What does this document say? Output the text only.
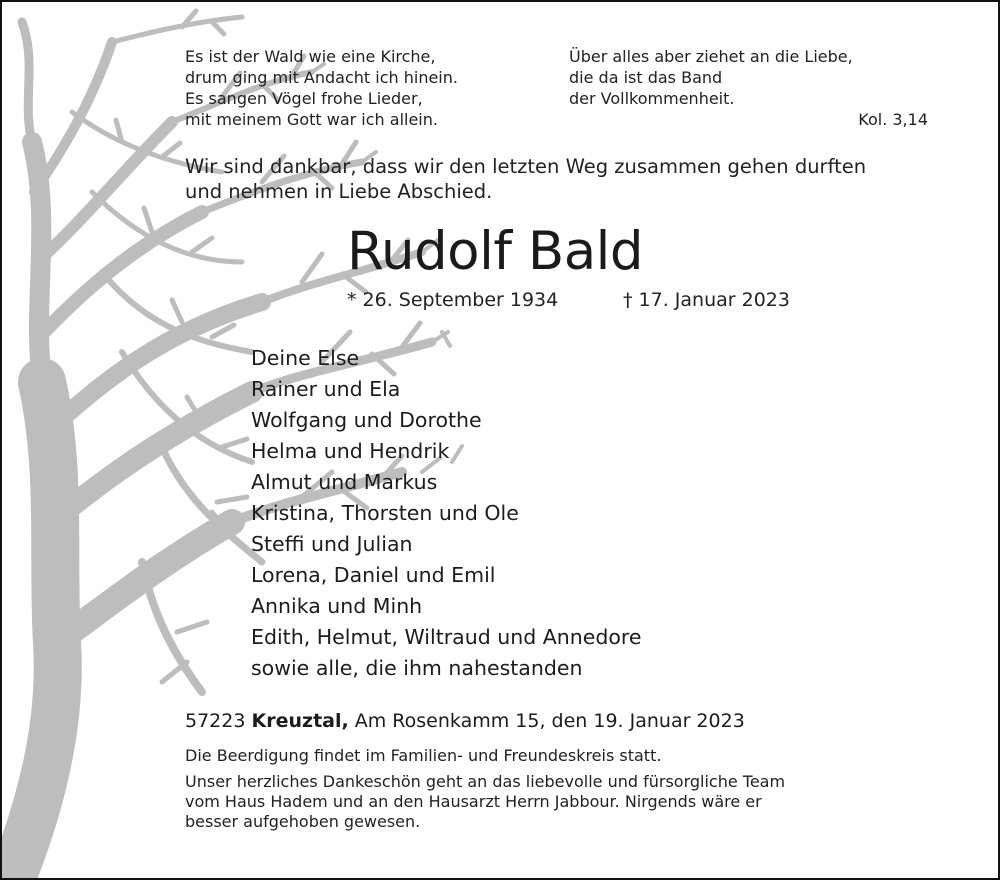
Es ist der Wald wie eine Kirche,
drum ging mit Andacht ich hinein.
Es sangen Vögel frohe Lieder,
mit meinem Gott war ich allein.
Über alles aber ziehet an die Liebe,
die da ist das Band
der Vollkommenheit.
Kol. 3,14
Wir sind dankbar, dass wir den letzten Weg zusammen gehen durften
und nehmen in Liebe Abschied.
Rudolf Bald
* 26. September 1934	† 17. Januar 2023
Deine Else
Rainer und Ela
Wolfgang und Dorothe
Helma und Hendrik
Almut und Markus
Kristina, Thorsten und Ole
Steffi und Julian
Lorena, Daniel und Emil
Annika und Minh
Edith, Helmut, Wiltraud und Annedore
sowie alle, die ihm nahestanden
57223 Kreuztal, Am Rosenkamm 15, den 19. Januar 2023
Die Beerdigung findet im Familien- und Freundeskreis statt.
Unser herzliches Dankeschön geht an das liebevolle und fürsorgliche Team
vom Haus Hadem und an den Hausarzt Herrn Jabbour. Nirgends wäre er
besser aufgehoben gewesen.
